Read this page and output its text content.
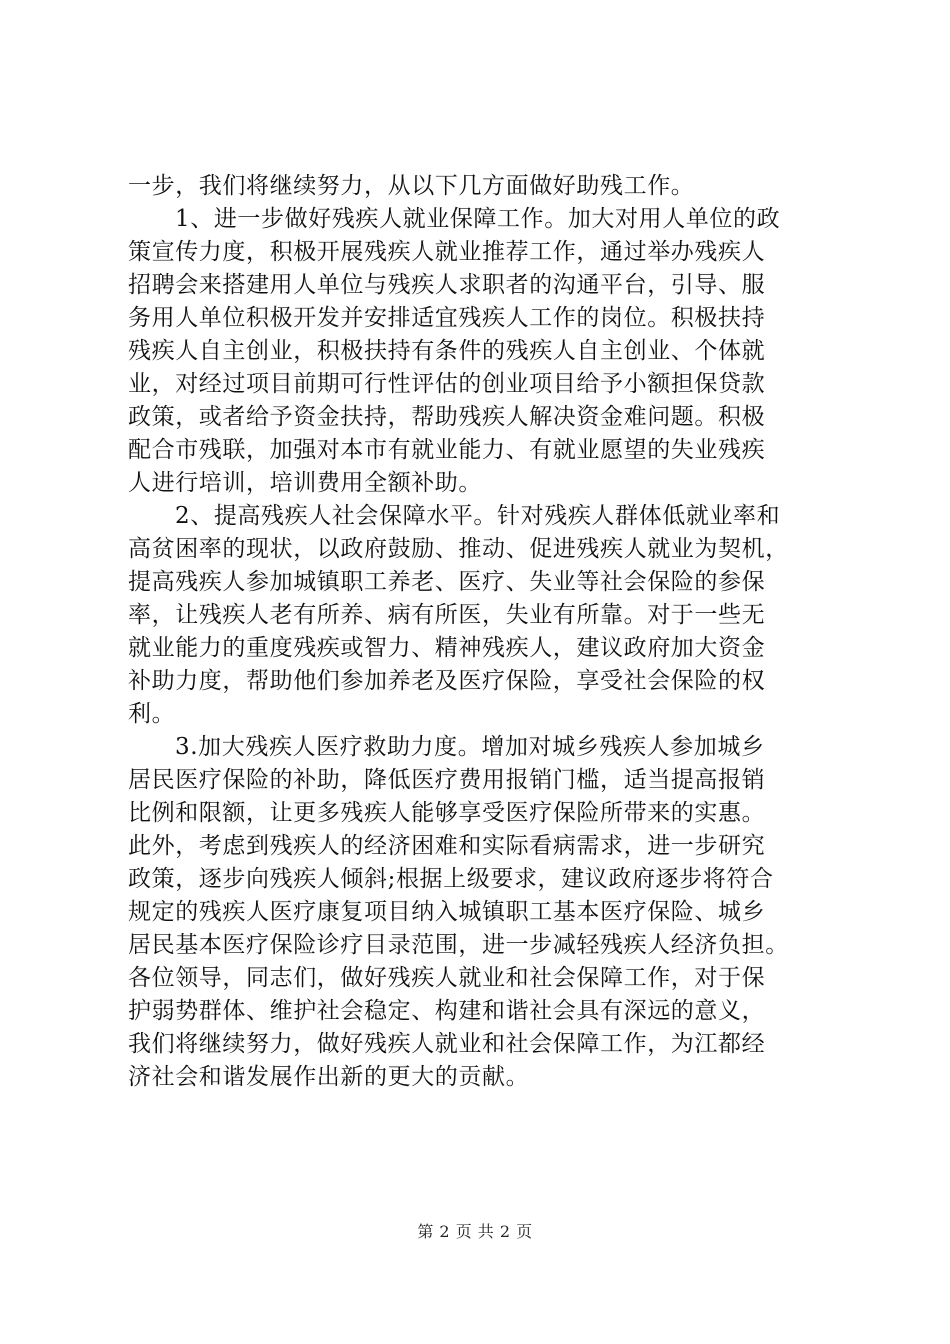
一步，我们将继续努力，从以下几方面做好助残工作。
1、进一步做好残疾人就业保障工作。加大对用人单位的政
策宣传力度，积极开展残疾人就业推荐工作，通过举办残疾人
招聘会来搭建用人单位与残疾人求职者的沟通平台，引导、服
务用人单位积极开发并安排适宜残疾人工作的岗位。积极扶持
残疾人自主创业，积极扶持有条件的残疾人自主创业、个体就
业，对经过项目前期可行性评估的创业项目给予小额担保贷款
政策，或者给予资金扶持，帮助残疾人解决资金难问题。积极
配合市残联，加强对本市有就业能力、有就业愿望的失业残疾
人进行培训，培训费用全额补助。
2、提高残疾人社会保障水平。针对残疾人群体低就业率和
高贫困率的现状，以政府鼓励、推动、促进残疾人就业为契机，
提高残疾人参加城镇职工养老、医疗、失业等社会保险的参保
率，让残疾人老有所养、病有所医，失业有所靠。对于一些无
就业能力的重度残疾或智力、精神残疾人，建议政府加大资金
补助力度，帮助他们参加养老及医疗保险，享受社会保险的权
利。
3.加大残疾人医疗救助力度。增加对城乡残疾人参加城乡
居民医疗保险的补助，降低医疗费用报销门槛，适当提高报销
比例和限额，让更多残疾人能够享受医疗保险所带来的实惠。
此外，考虑到残疾人的经济困难和实际看病需求，进一步研究
政策，逐步向残疾人倾斜;根据上级要求，建议政府逐步将符合
规定的残疾人医疗康复项目纳入城镇职工基本医疗保险、城乡
居民基本医疗保险诊疗目录范围，进一步减轻残疾人经济负担。
各位领导，同志们，做好残疾人就业和社会保障工作，对于保
护弱势群体、维护社会稳定、构建和谐社会具有深远的意义，
我们将继续努力，做好残疾人就业和社会保障工作，为江都经
济社会和谐发展作出新的更大的贡献。
第 2 页 共 2 页
